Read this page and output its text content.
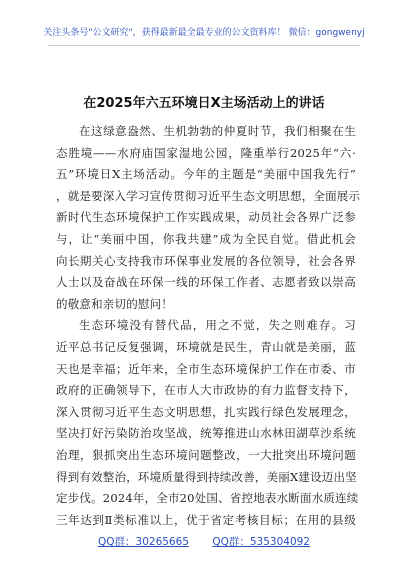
关注头条号"公文研究"，获得最新最全最专业的公文资料库！ 微信：gongwenyj
在2025年六五环境日X主场活动上的讲话

在这绿意盎然、生机勃勃的仲夏时节，我们相聚在生
态胜境——水府庙国家湿地公园，隆重举行2025年“六·
五”环境日X主场活动。今年的主题是“美丽中国我先行”
，就是要深入学习宣传贯彻习近平生态文明思想，全面展示
新时代生态环境保护工作实践成果，动员社会各界广泛参
与，让“美丽中国，你我共建”成为全民自觉。借此机会
向长期关心支持我市环保事业发展的各位领导，社会各界
人士以及奋战在环保一线的环保工作者、志愿者致以崇高
的敬意和亲切的慰问！

生态环境没有替代品，用之不觉，失之则难存。习
近平总书记反复强调，环境就是民生，青山就是美丽，蓝
天也是幸福；近年来，全市生态环境保护工作在市委、市
政府的正确领导下，在市人大市政协的有力监督支持下，
深入贯彻习近平生态文明思想，扎实践行绿色发展理念，
坚决打好污染防治攻坚战，统筹推进山水林田湖草沙系统
治理，狠抓突出生态环境问题整改，一大批突出环境问题
得到有效整治，环境质量得到持续改善，美丽X建设迈出坚
定步伐。2024年，全市20处国、省控地表水断面水质连续
三年达到Ⅱ类标准以上，优于省定考核目标；在用的县级

QQ群：30265665 QQ群：535304092
